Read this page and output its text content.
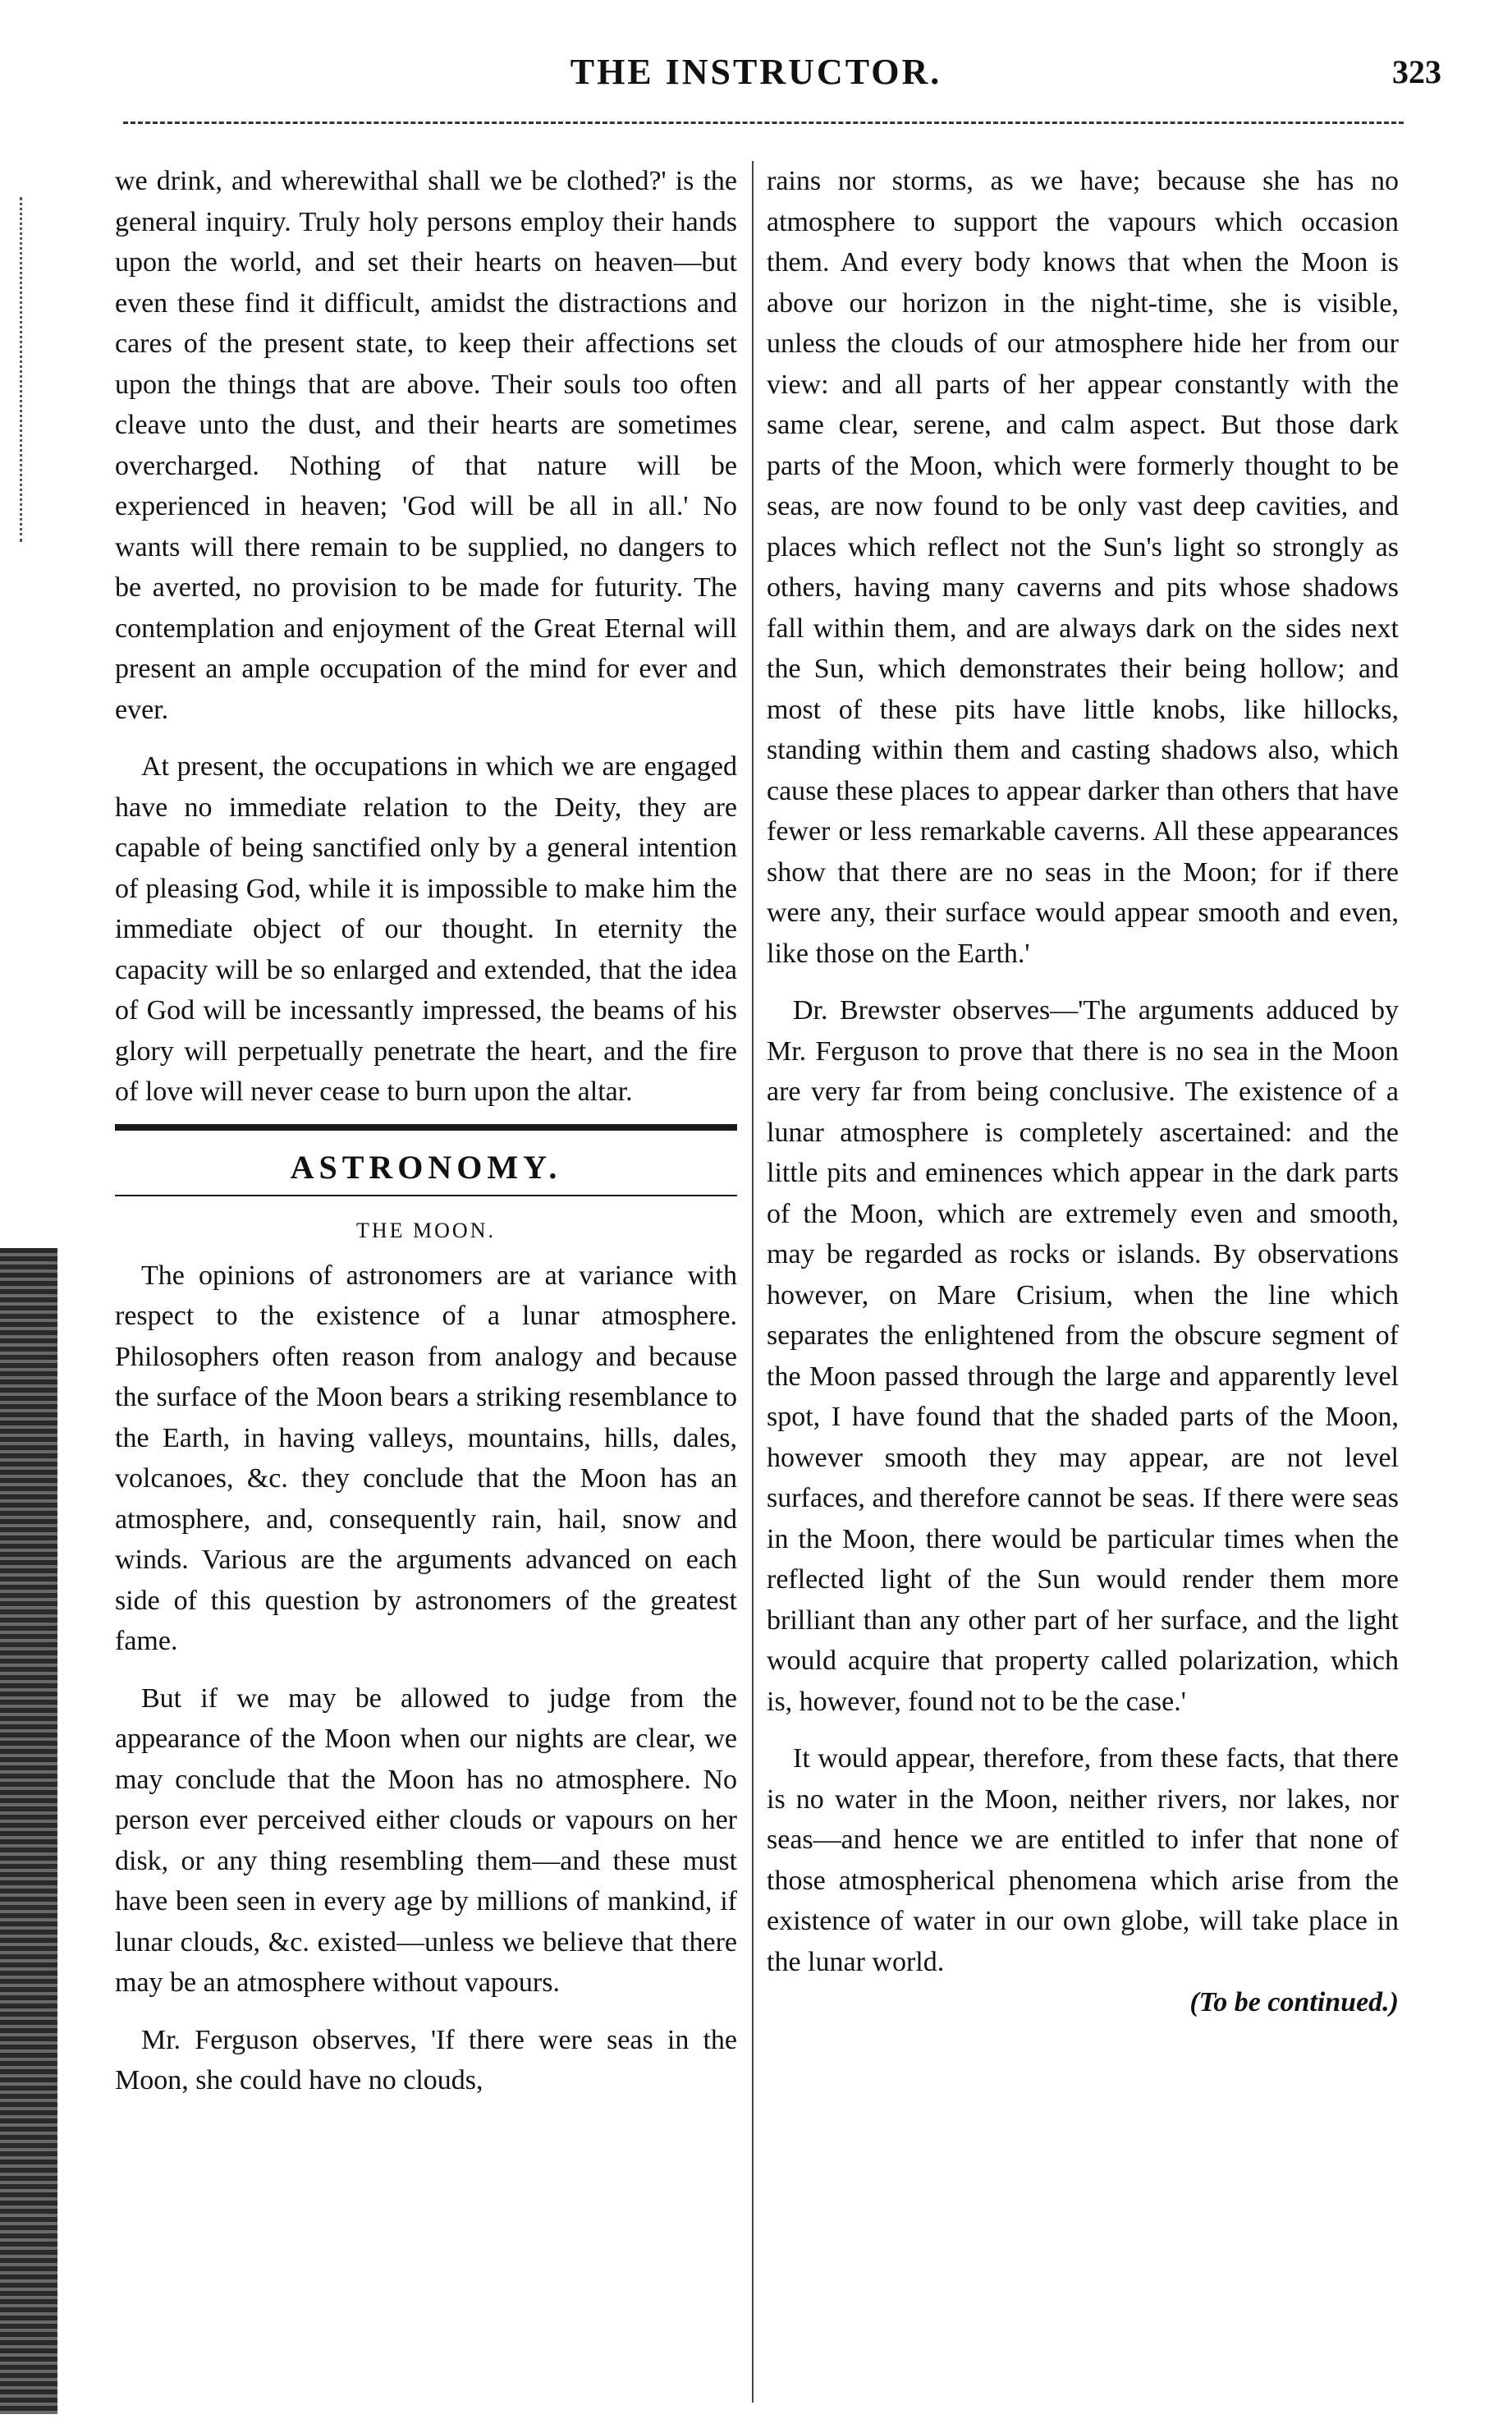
THE INSTRUCTOR.	323

we drink, and wherewithal shall we be clothed?' is the general inquiry. Truly holy persons employ their hands upon the world, and set their hearts on heaven—but even these find it difficult, amidst the distractions and cares of the present state, to keep their affections set upon the things that are above. Their souls too often cleave unto the dust, and their hearts are sometimes overcharged. Nothing of that nature will be experienced in heaven; 'God will be all in all.' No wants will there remain to be supplied, no dangers to be averted, no provision to be made for futurity. The contemplation and enjoyment of the Great Eternal will present an ample occupation of the mind for ever and ever.

At present, the occupations in which we are engaged have no immediate relation to the Deity, they are capable of being sanctified only by a general intention of pleasing God, while it is impossible to make him the immediate object of our thought. In eternity the capacity will be so enlarged and extended, that the idea of God will be incessantly impressed, the beams of his glory will perpetually penetrate the heart, and the fire of love will never cease to burn upon the altar.

ASTRONOMY.
THE MOON.

The opinions of astronomers are at variance with respect to the existence of a lunar atmosphere. Philosophers often reason from analogy and because the surface of the Moon bears a striking resemblance to the Earth, in having valleys, mountains, hills, dales, volcanoes, &c. they conclude that the Moon has an atmosphere, and, consequently rain, hail, snow and winds. Various are the arguments advanced on each side of this question by astronomers of the greatest fame.

But if we may be allowed to judge from the appearance of the Moon when our nights are clear, we may conclude that the Moon has no atmosphere. No person ever perceived either clouds or vapours on her disk, or any thing resembling them—and these must have been seen in every age by millions of mankind, if lunar clouds, &c. existed—unless we believe that there may be an atmosphere without vapours.

Mr. Ferguson observes, 'If there were seas in the Moon, she could have no clouds,

rains nor storms, as we have; because she has no atmosphere to support the vapours which occasion them. And every body knows that when the Moon is above our horizon in the night-time, she is visible, unless the clouds of our atmosphere hide her from our view: and all parts of her appear constantly with the same clear, serene, and calm aspect. But those dark parts of the Moon, which were formerly thought to be seas, are now found to be only vast deep cavities, and places which reflect not the Sun's light so strongly as others, having many caverns and pits whose shadows fall within them, and are always dark on the sides next the Sun, which demonstrates their being hollow; and most of these pits have little knobs, like hillocks, standing within them and casting shadows also, which cause these places to appear darker than others that have fewer or less remarkable caverns. All these appearances show that there are no seas in the Moon; for if there were any, their surface would appear smooth and even, like those on the Earth.'

Dr. Brewster observes—'The arguments adduced by Mr. Ferguson to prove that there is no sea in the Moon are very far from being conclusive. The existence of a lunar atmosphere is completely ascertained: and the little pits and eminences which appear in the dark parts of the Moon, which are extremely even and smooth, may be regarded as rocks or islands. By observations however, on Mare Crisium, when the line which separates the enlightened from the obscure segment of the Moon passed through the large and apparently level spot, I have found that the shaded parts of the Moon, however smooth they may appear, are not level surfaces, and therefore cannot be seas. If there were seas in the Moon, there would be particular times when the reflected light of the Sun would render them more brilliant than any other part of her surface, and the light would acquire that property called polarization, which is, however, found not to be the case.'

It would appear, therefore, from these facts, that there is no water in the Moon, neither rivers, nor lakes, nor seas—and hence we are entitled to infer that none of those atmospherical phenomena which arise from the existence of water in our own globe, will take place in the lunar world.

(To be continued.)
